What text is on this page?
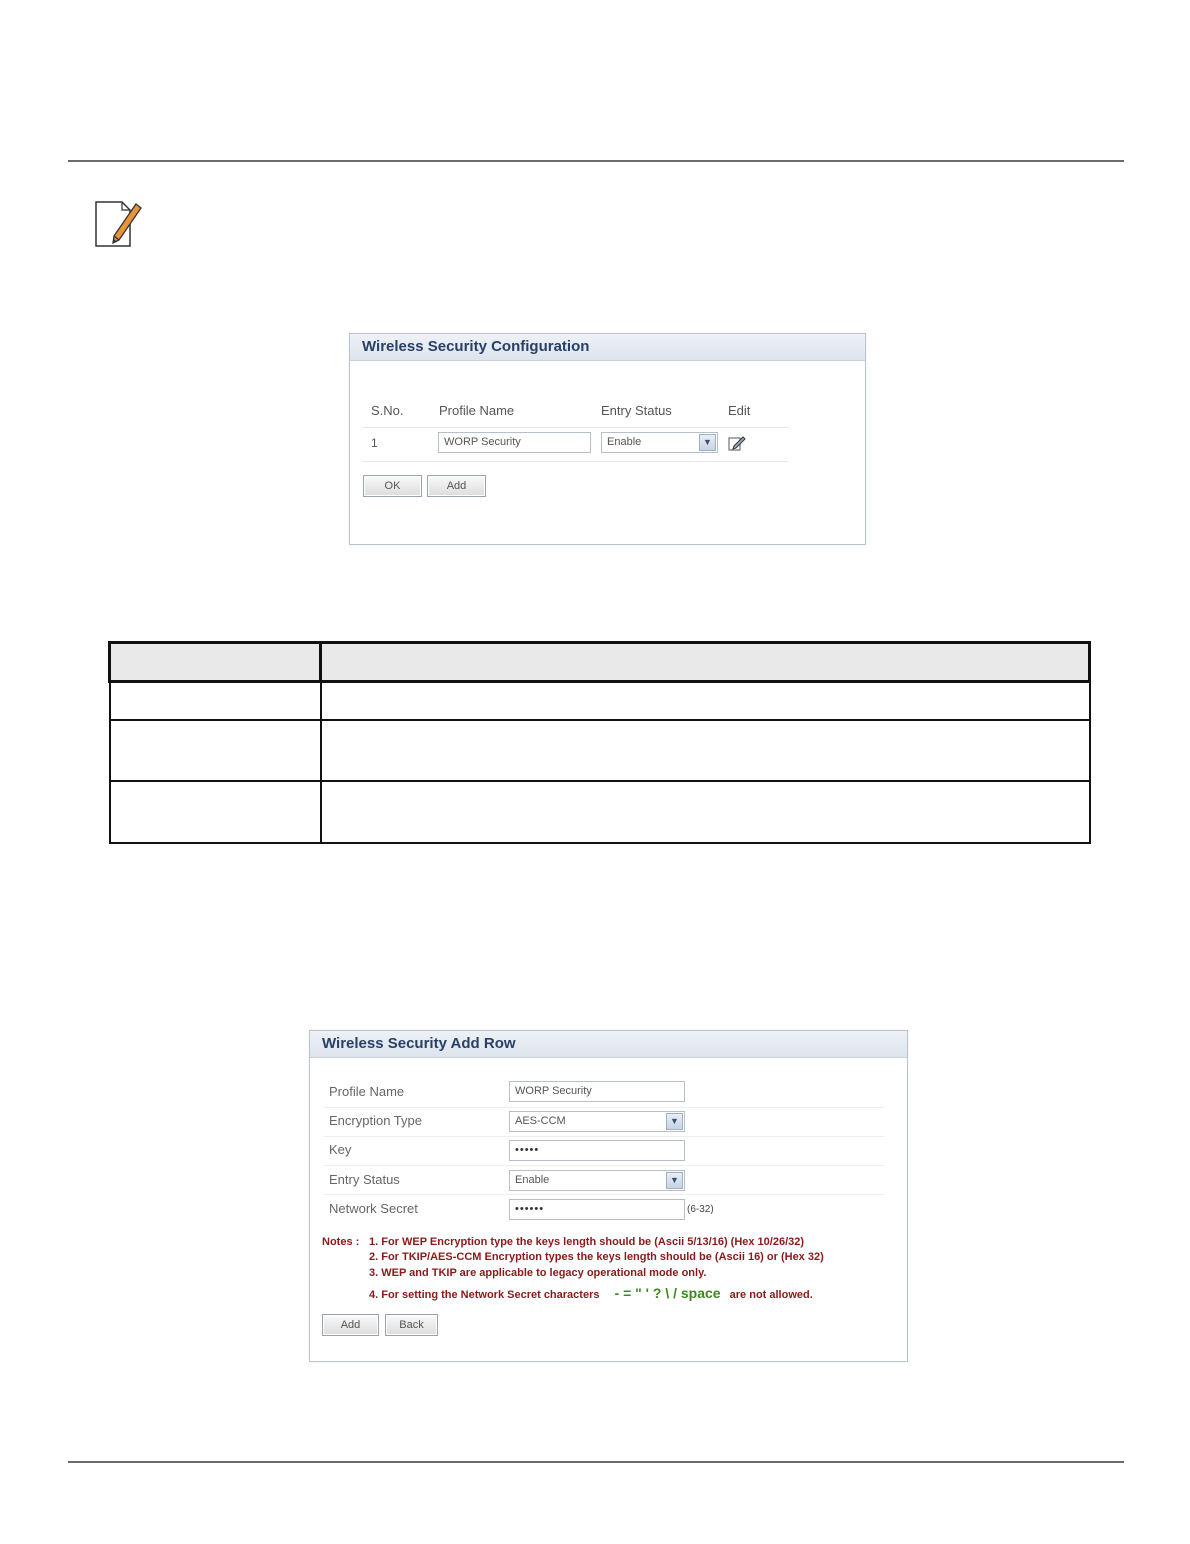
Wireless Security Configuration
S.No.	Profile Name	Entry Status	Edit
1	WORP Security	Enable	▼
OK	Add

Wireless Security Add Row
Profile Name	WORP Security
Encryption Type	AES-CCM	▼
Key	•••••
Entry Status	Enable	▼
Network Secret	••••••	(6-32)
Notes : 1. For WEP Encryption type the keys length should be (Ascii 5/13/16) (Hex 10/26/32)
2. For TKIP/AES-CCM Encryption types the keys length should be (Ascii 16) or (Hex 32)
3. WEP and TKIP are applicable to legacy operational mode only.
4. For setting the Network Secret characters - = " ' ? \ / space are not allowed.
Add	Back
